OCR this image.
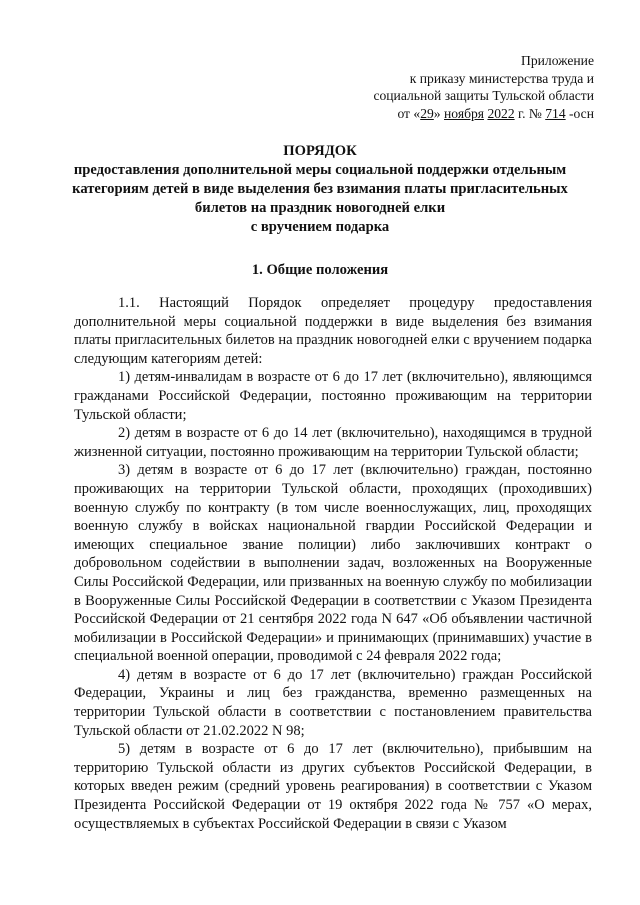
Приложение
к приказу министерства труда и
социальной защиты Тульской области
от «29» ноября 2022 г. № 714 -осн
ПОРЯДОК
предоставления дополнительной меры социальной поддержки отдельным
категориям детей в виде выделения без взимания платы пригласительных
билетов на праздник новогодней елки
с вручением подарка
1. Общие положения

1.1. Настоящий Порядок определяет процедуру предоставления дополнительной меры социальной поддержки в виде выделения без взимания платы пригласительных билетов на праздник новогодней елки с вручением подарка следующим категориям детей:

1) детям-инвалидам в возрасте от 6 до 17 лет (включительно), являющимся гражданами Российской Федерации, постоянно проживающим на территории Тульской области;

2) детям в возрасте от 6 до 14 лет (включительно), находящимся в трудной жизненной ситуации, постоянно проживающим на территории Тульской области;

3) детям в возрасте от 6 до 17 лет (включительно) граждан, постоянно проживающих на территории Тульской области, проходящих (проходивших) военную службу по контракту (в том числе военнослужащих, лиц, проходящих военную службу в войсках национальной гвардии Российской Федерации и имеющих специальное звание полиции) либо заключивших контракт о добровольном содействии в выполнении задач, возложенных на Вооруженные Силы Российской Федерации, или призванных на военную службу по мобилизации в Вооруженные Силы Российской Федерации в соответствии с Указом Президента Российской Федерации от 21 сентября 2022 года N 647 «Об объявлении частичной мобилизации в Российской Федерации» и принимающих (принимавших) участие в специальной военной операции, проводимой с 24 февраля 2022 года;

4) детям в возрасте от 6 до 17 лет (включительно) граждан Российской Федерации, Украины и лиц без гражданства, временно размещенных на территории Тульской области в соответствии с постановлением правительства Тульской области от 21.02.2022 N 98;

5) детям в возрасте от 6 до 17 лет (включительно), прибывшим на территорию Тульской области из других субъектов Российской Федерации, в которых введен режим (средний уровень реагирования) в соответствии с Указом Президента Российской Федерации от 19 октября 2022 года № 757 «О мерах, осуществляемых в субъектах Российской Федерации в связи с Указом
